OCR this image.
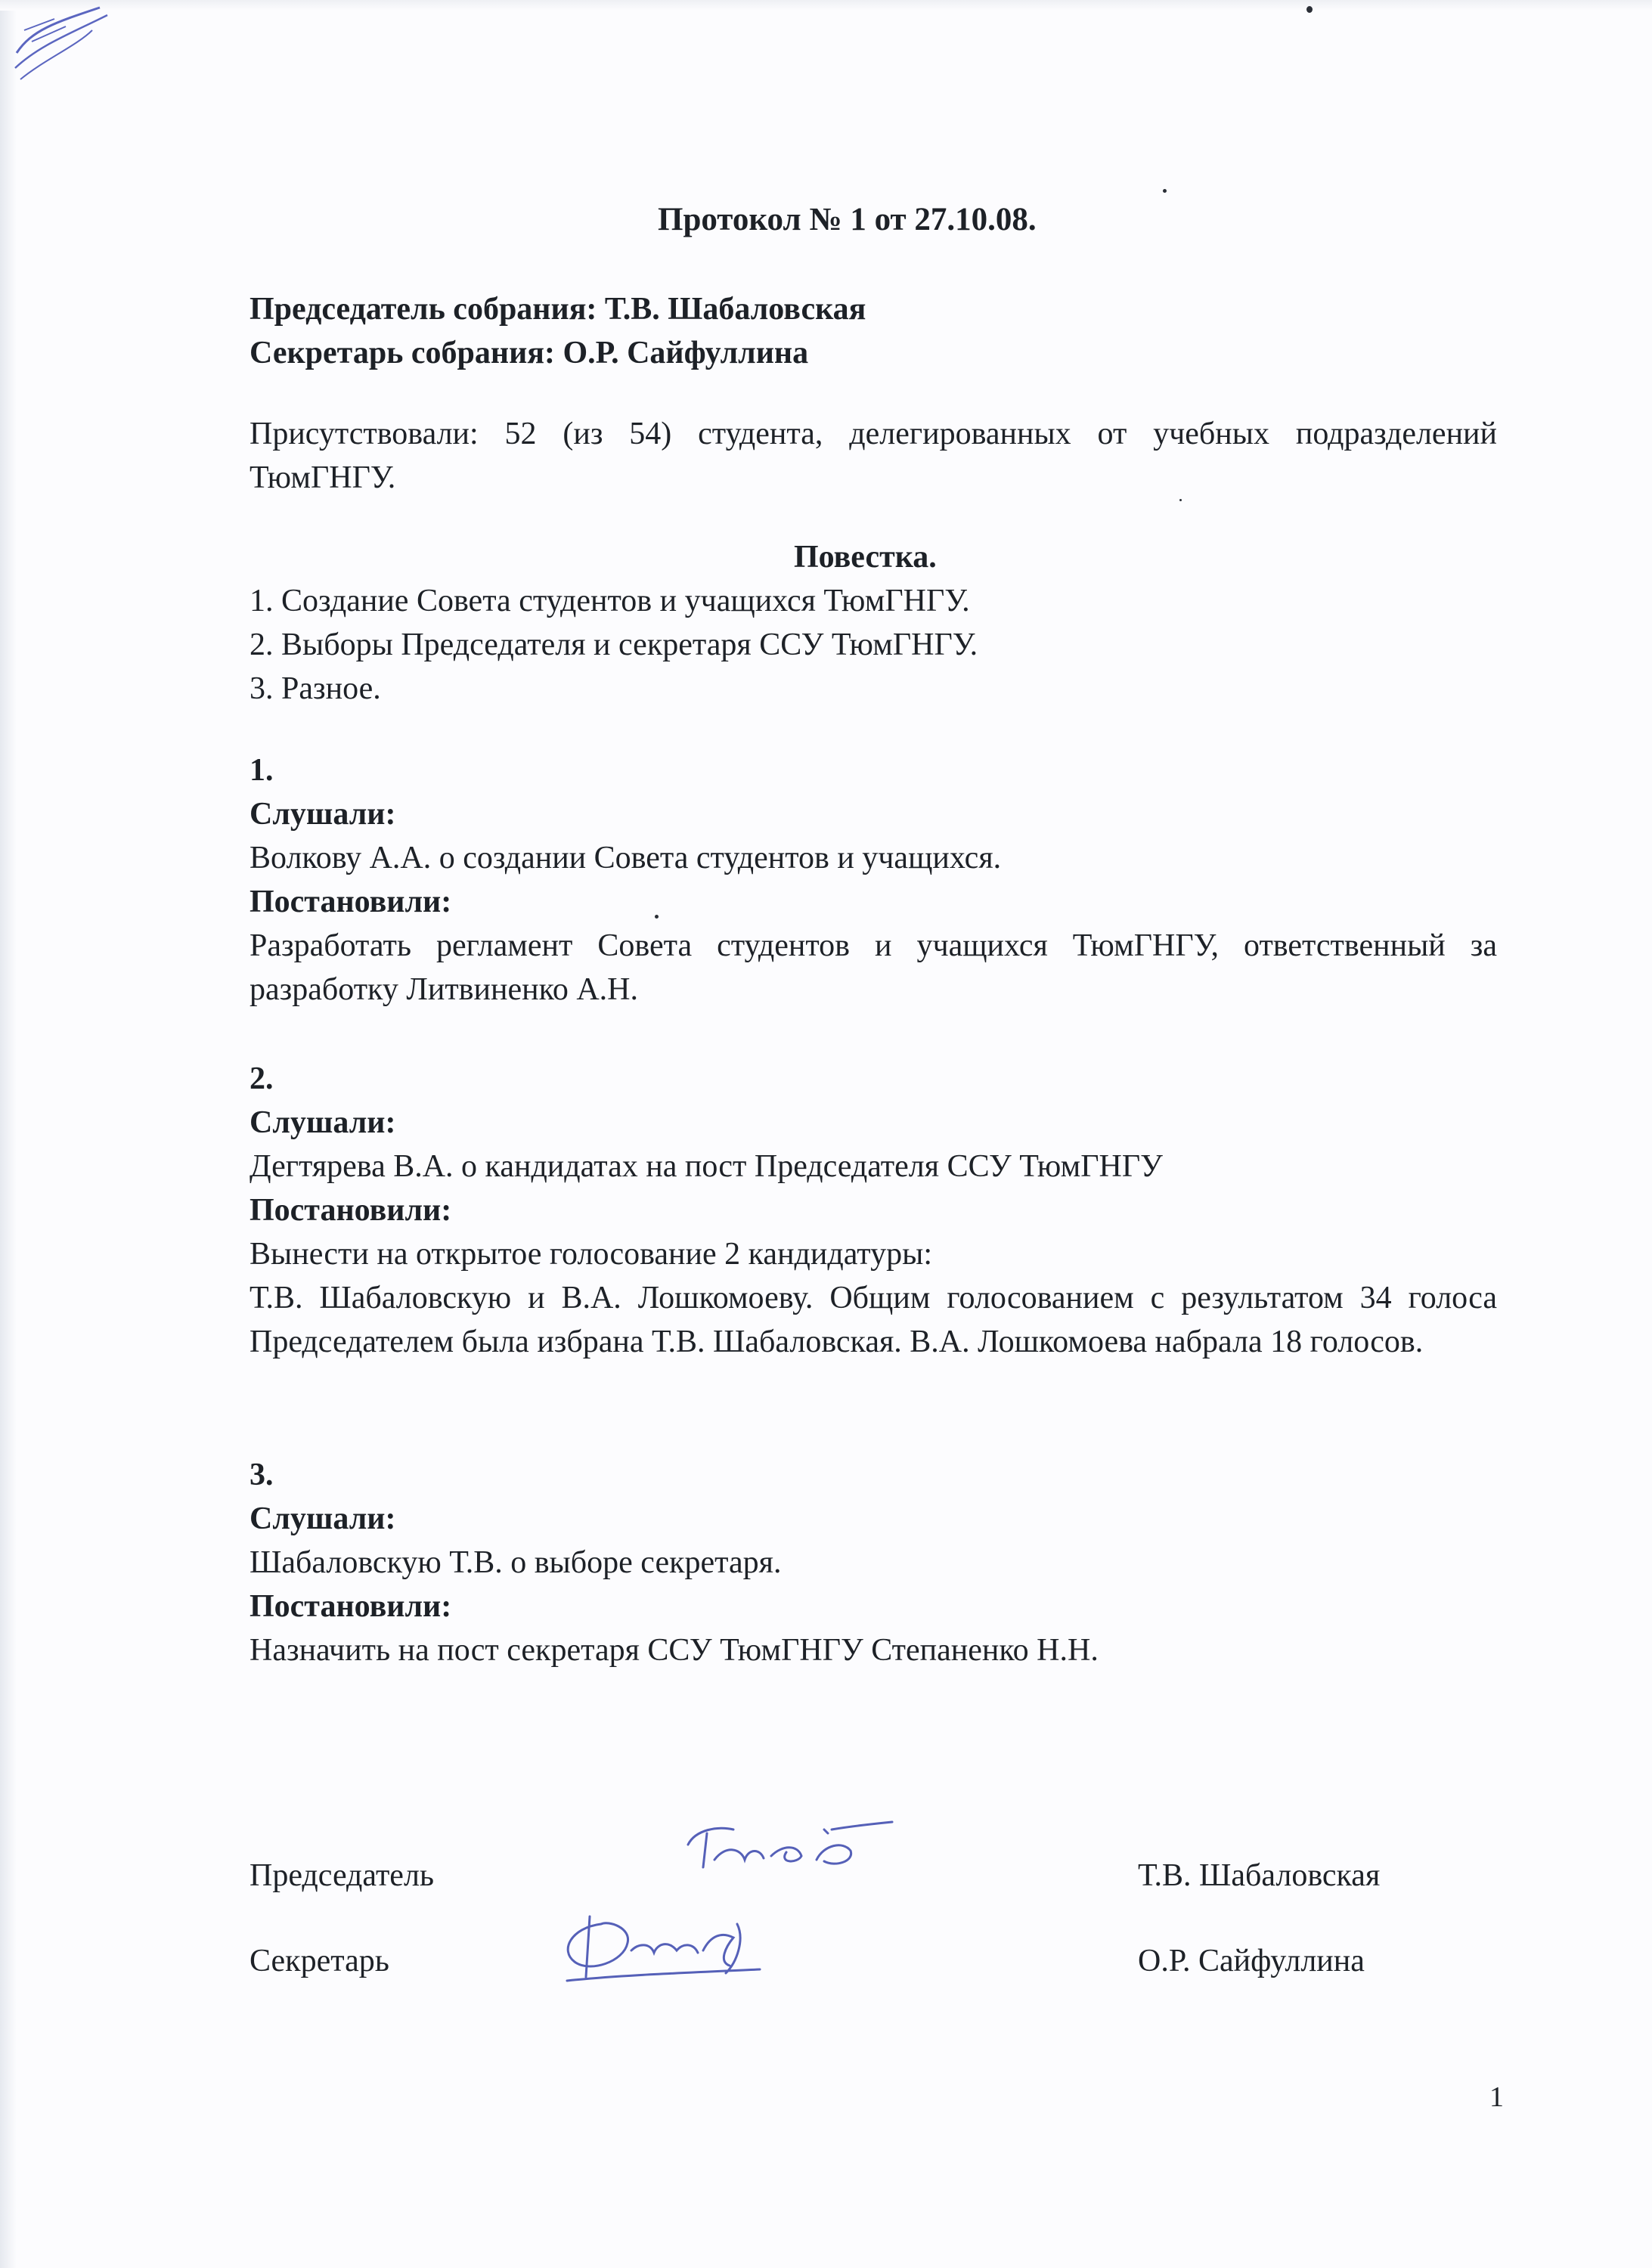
Протокол № 1 от 27.10.08.
Председатель собрания: Т.В. Шабаловская
Секретарь собрания: О.Р. Сайфуллина
Присутствовали: 52 (из 54) студента, делегированных от учебных подразделений ТюмГНГУ.
Повестка.
1. Создание Совета студентов и учащихся ТюмГНГУ.
2. Выборы Председателя и секретаря ССУ ТюмГНГУ.
3. Разное.
1.
Слушали:
Волкову А.А. о создании Совета студентов и учащихся.
Постановили:
Разработать регламент Совета студентов и учащихся ТюмГНГУ, ответственный за разработку Литвиненко А.Н.
2.
Слушали:
Дегтярева В.А. о кандидатах на пост Председателя ССУ ТюмГНГУ
Постановили:
Вынести на открытое голосование 2 кандидатуры:
Т.В. Шабаловскую и В.А. Лошкомоеву. Общим голосованием с результатом 34 голоса Председателем была избрана Т.В. Шабаловская. В.А. Лошкомоева набрала 18 голосов.
3.
Слушали:
Шабаловскую Т.В. о выборе секретаря.
Постановили:
Назначить на пост секретаря ССУ ТюмГНГУ Степаненко Н.Н.
Председатель	Т.В. Шабаловская
Секретарь	О.Р. Сайфуллина
1
